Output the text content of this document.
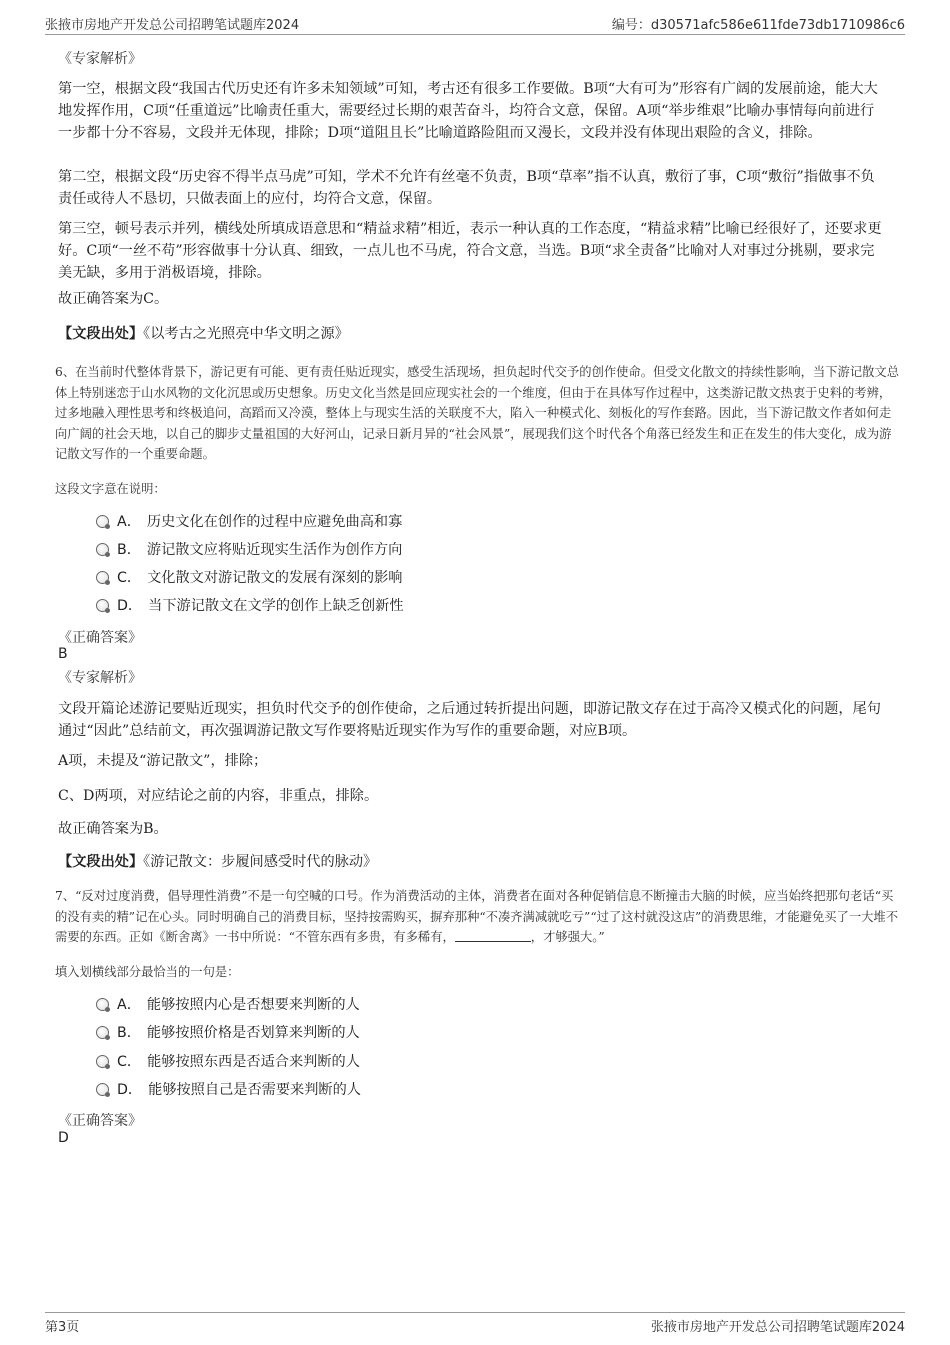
张掖市房地产开发总公司招聘笔试题库2024	编号：d30571afc586e611fde73db1710986c6
《专家解析》

第一空，根据文段“我国古代历史还有许多未知领域”可知，考古还有很多工作要做。B项“大有可为”形容有广阔的发展前途，能大大地发挥作用，C项“任重道远”比喻责任重大，需要经过长期的艰苦奋斗，均符合文意，保留。A项“举步维艰”比喻办事情每向前进行一步都十分不容易，文段并无体现，排除；D项“道阻且长”比喻道路险阻而又漫长，文段并没有体现出艰险的含义，排除。

第二空，根据文段“历史容不得半点马虎”可知，学术不允许有丝毫不负责，B项“草率”指不认真，敷衍了事，C项“敷衍”指做事不负责任或待人不恳切，只做表面上的应付，均符合文意，保留。

第三空，顿号表示并列，横线处所填成语意思和“精益求精”相近，表示一种认真的工作态度，“精益求精”比喻已经很好了，还要求更好。C项“一丝不苟”形容做事十分认真、细致，一点儿也不马虎，符合文意，当选。B项“求全责备”比喻对人对事过分挑剔，要求完美无缺，多用于消极语境，排除。

故正确答案为C。

【文段出处】《以考古之光照亮中华文明之源》
6、在当前时代整体背景下，游记更有可能、更有责任贴近现实，感受生活现场，担负起时代交予的创作使命。但受文化散文的持续性影响，当下游记散文总体上特别迷恋于山水风物的文化沉思或历史想象。历史文化当然是回应现实社会的一个维度，但由于在具体写作过程中，这类游记散文热衷于史料的考辨，过多地融入理性思考和终极追问，高蹈而又冷漠，整体上与现实生活的关联度不大，陷入一种模式化、刻板化的写作套路。因此，当下游记散文作者如何走向广阔的社会天地，以自己的脚步丈量祖国的大好河山，记录日新月异的“社会风景”，展现我们这个时代各个角落已经发生和正在发生的伟大变化，成为游记散文写作的一个重要命题。
这段文字意在说明：
A． 历史文化在创作的过程中应避免曲高和寡
B． 游记散文应将贴近现实生活作为创作方向
C． 文化散文对游记散文的发展有深刻的影响
D． 当下游记散文在文学的创作上缺乏创新性
《正确答案》
B
《专家解析》

文段开篇论述游记要贴近现实，担负时代交予的创作使命，之后通过转折提出问题，即游记散文存在过于高冷又模式化的问题，尾句通过“因此”总结前文，再次强调游记散文写作要将贴近现实作为写作的重要命题，对应B项。

A项，未提及“游记散文”，排除；

C、D两项，对应结论之前的内容，非重点，排除。

故正确答案为B。

【文段出处】《游记散文：步履间感受时代的脉动》
7、“反对过度消费，倡导理性消费”不是一句空喊的口号。作为消费活动的主体，消费者在面对各种促销信息不断撞击大脑的时候，应当始终把那句老话“买的没有卖的精”记在心头。同时明确自己的消费目标，坚持按需购买，摒弃那种“不凑齐满减就吃亏”“过了这村就没这店”的消费思维，才能避免买了一大堆不需要的东西。正如《断舍离》一书中所说：“不管东西有多贵，有多稀有，	，才够强大。”
填入划横线部分最恰当的一句是：
A． 能够按照内心是否想要来判断的人
B． 能够按照价格是否划算来判断的人
C． 能够按照东西是否适合来判断的人
D． 能够按照自己是否需要来判断的人
《正确答案》
D
第3页	张掖市房地产开发总公司招聘笔试题库2024
